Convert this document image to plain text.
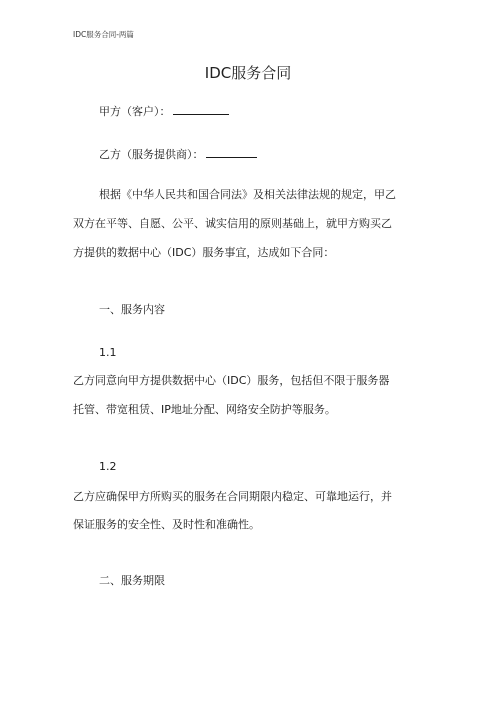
IDC服务合同-两篇
IDC服务合同
甲方（客户）：
乙方（服务提供商）：
根据《中华人民共和国合同法》及相关法律法规的规定，甲乙
双方在平等、自愿、公平、诚实信用的原则基础上，就甲方购买乙
方提供的数据中心（IDC）服务事宜，达成如下合同：
一、服务内容
1.1
乙方同意向甲方提供数据中心（IDC）服务，包括但不限于服务器
托管、带宽租赁、IP地址分配、网络安全防护等服务。
1.2
乙方应确保甲方所购买的服务在合同期限内稳定、可靠地运行，并
保证服务的安全性、及时性和准确性。
二、服务期限
